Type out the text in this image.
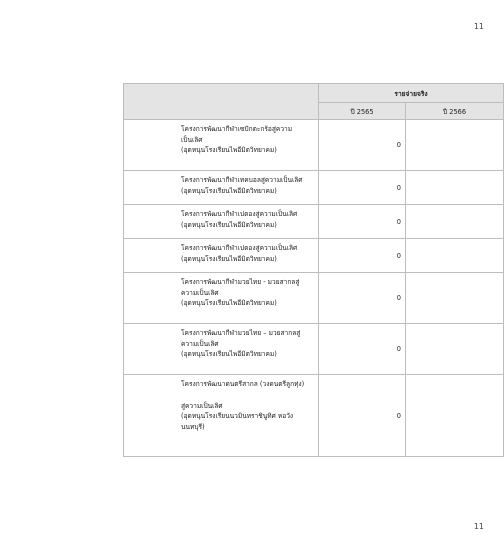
11
	รายจ่ายจริง	
	ปี 2565	ปี 2566

โครงการพัฒนากีฬาเซปักตะกร้อสู่ความ
เป็นเลิศ
(อุดหนุนโรงเรียนไพอีมิตวิทยาคม)	0	

โครงการพัฒนากีฬาเทคบอลสู่ความเป็นเลิศ
(อุดหนุนโรงเรียนไพอีมิตวิทยาคม)	0	

โครงการพัฒนากีฬาเปตองสู่ความเป็นเลิศ
(อุดหนุนโรงเรียนไพอีมิตวิทยาคม)	0	

โครงการพัฒนากีฬาเปตองสู่ความเป็นเลิศ
(อุดหนุนโรงเรียนไพอีมิตวิทยาคม)	0	

โครงการพัฒนากีฬามวยไทย - มวยสากลสู่
ความเป็นเลิศ
(อุดหนุนโรงเรียนไพอีมิตวิทยาคม)	0	

โครงการพัฒนากีฬามวยไทย – มวยสากลสู่
ความเป็นเลิศ
(อุดหนุนโรงเรียนไพอีมิตวิทยาคม)	0	

โครงการพัฒนาดนตรีสากล (วงดนตรีลูกทุ่ง)
สู่ความเป็นเลิศ
(อุดหนุนโรงเรียนนวมินทราชินูทิศ หอวัง
นนทบุรี)	0	
11
